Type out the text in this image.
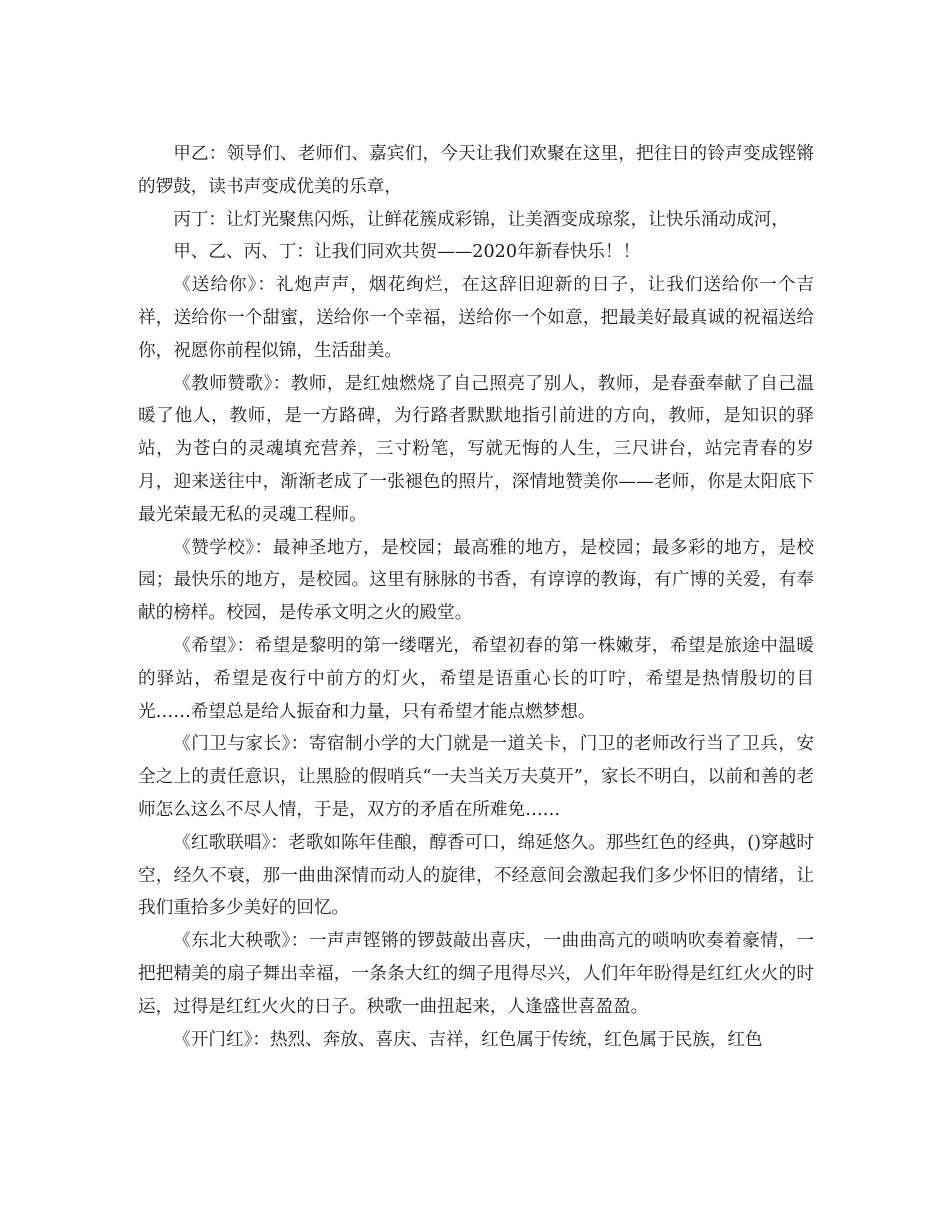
甲乙：领导们、老师们、嘉宾们，今天让我们欢聚在这里，把往日的铃声变成铿锵的锣鼓，读书声变成优美的乐章，

丙丁：让灯光聚焦闪烁，让鲜花簇成彩锦，让美酒变成琼浆，让快乐涌动成河，

甲、乙、丙、丁：让我们同欢共贺——2020年新春快乐！！

《送给你》：礼炮声声，烟花绚烂，在这辞旧迎新的日子，让我们送给你一个吉祥，送给你一个甜蜜，送给你一个幸福，送给你一个如意，把最美好最真诚的祝福送给你，祝愿你前程似锦，生活甜美。

《教师赞歌》：教师，是红烛燃烧了自己照亮了别人，教师，是春蚕奉献了自己温暖了他人，教师，是一方路碑，为行路者默默地指引前进的方向，教师，是知识的驿站，为苍白的灵魂填充营养，三寸粉笔，写就无悔的人生，三尺讲台，站完青春的岁月，迎来送往中，渐渐老成了一张褪色的照片，深情地赞美你——老师，你是太阳底下最光荣最无私的灵魂工程师。

《赞学校》：最神圣地方，是校园；最高雅的地方，是校园；最多彩的地方，是校园；最快乐的地方，是校园。这里有脉脉的书香，有谆谆的教诲，有广博的关爱，有奉献的榜样。校园，是传承文明之火的殿堂。

《希望》：希望是黎明的第一缕曙光，希望初春的第一株嫩芽，希望是旅途中温暖的驿站，希望是夜行中前方的灯火，希望是语重心长的叮咛，希望是热情殷切的目光……希望总是给人振奋和力量，只有希望才能点燃梦想。

《门卫与家长》：寄宿制小学的大门就是一道关卡，门卫的老师改行当了卫兵，安全之上的责任意识，让黑脸的假哨兵“一夫当关万夫莫开”，家长不明白，以前和善的老师怎么这么不尽人情，于是，双方的矛盾在所难免……

《红歌联唱》：老歌如陈年佳酿，醇香可口，绵延悠久。那些红色的经典，()穿越时空，经久不衰，那一曲曲深情而动人的旋律，不经意间会激起我们多少怀旧的情绪，让我们重拾多少美好的回忆。

《东北大秧歌》：一声声铿锵的锣鼓敲出喜庆，一曲曲高亢的唢呐吹奏着豪情，一把把精美的扇子舞出幸福，一条条大红的绸子甩得尽兴，人们年年盼得是红红火火的时运，过得是红红火火的日子。秧歌一曲扭起来，人逢盛世喜盈盈。

《开门红》：热烈、奔放、喜庆、吉祥，红色属于传统，红色属于民族，红色
